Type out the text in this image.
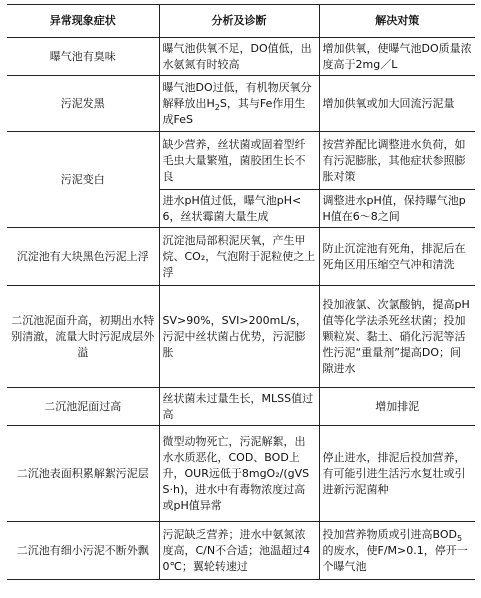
异常现象症状	分析及诊断	解决对策
曝气池有臭味	曝气池供氧不足，DO值低，出水氨氮有时较高	增加供氧，使曝气池DO质量浓度高于2mg／L
污泥发黑	曝气池DO过低，有机物厌氧分解释放出$H_2S$，其与Fe作用生成FeS	增加供氧或加大回流污泥量
污泥变白	缺少营养，丝状菌或固着型纤毛虫大量繁殖，菌胶团生长不良	按营养配比调整进水负荷，如有污泥膨胀，其他症状参照膨胀对策
	进水pH值过低，曝气池pH<6，丝状霉菌大量生成	调整进水pH值，保持曝气池pH值在6～8之间
沉淀池有大块黑色污泥上浮	沉淀池局部积泥厌氧，产生甲烷、CO₂，气泡附于泥粒使之上浮	防止沉淀池有死角，排泥后在死角区用压缩空气冲和清洗
二沉池泥面升高，初期出水特别清澈，流量大时污泥成层外溢	SV>90%，SVI>200mL/s，污泥中丝状菌占优势，污泥膨胀	投加液氯、次氯酸钠，提高pH值等化学法杀死丝状菌；投加颗粒炭、黏土、硝化污泥等活性污泥“重量剂”提高DO；间隙进水
二沉池泥面过高	丝状菌未过量生长，MLSS值过高	增加排泥
二沉池表面积累解絮污泥层	微型动物死亡，污泥解絮，出水水质恶化，COD、BOD上升，OUR远低于8mgO₂/(gVSS·h)，进水中有毒物浓度过高或pH值异常	停止进水，排泥后投加营养，有可能引进生活污水复壮或引进新污泥菌种
二沉池有细小污泥不断外飘	污泥缺乏营养；进水中氨氮浓度高，C/N不合适；池温超过40℃；翼轮转速过	投加营养物质或引进高$BOD_5$的废水，使F/M>0.1，停开一个曝气池
